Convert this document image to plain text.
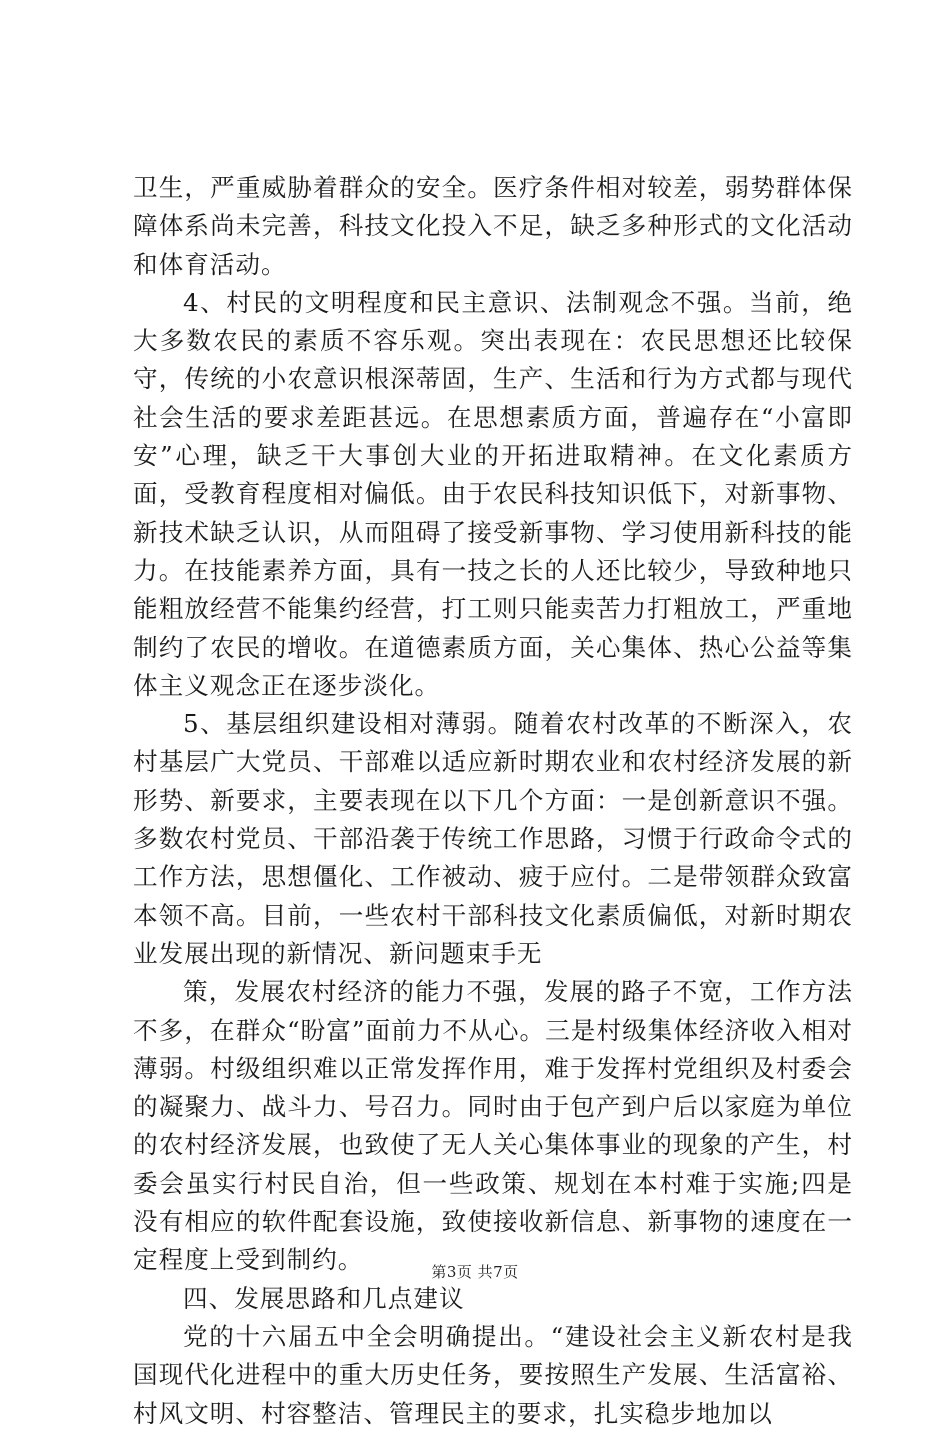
卫生，严重威胁着群众的安全。医疗条件相对较差，弱势群体保障体系尚未完善，科技文化投入不足，缺乏多种形式的文化活动和体育活动。

4、村民的文明程度和民主意识、法制观念不强。当前，绝大多数农民的素质不容乐观。突出表现在：农民思想还比较保守，传统的小农意识根深蒂固，生产、生活和行为方式都与现代社会生活的要求差距甚远。在思想素质方面，普遍存在“小富即安”心理，缺乏干大事创大业的开拓进取精神。在文化素质方面，受教育程度相对偏低。由于农民科技知识低下，对新事物、新技术缺乏认识，从而阻碍了接受新事物、学习使用新科技的能力。在技能素养方面，具有一技之长的人还比较少，导致种地只能粗放经营不能集约经营，打工则只能卖苦力打粗放工，严重地制约了农民的增收。在道德素质方面，关心集体、热心公益等集体主义观念正在逐步淡化。

5、基层组织建设相对薄弱。随着农村改革的不断深入，农村基层广大党员、干部难以适应新时期农业和农村经济发展的新形势、新要求，主要表现在以下几个方面：一是创新意识不强。多数农村党员、干部沿袭于传统工作思路，习惯于行政命令式的工作方法，思想僵化、工作被动、疲于应付。二是带领群众致富本领不高。目前，一些农村干部科技文化素质偏低，对新时期农业发展出现的新情况、新问题束手无

策，发展农村经济的能力不强，发展的路子不宽，工作方法不多，在群众“盼富”面前力不从心。三是村级集体经济收入相对薄弱。村级组织难以正常发挥作用，难于发挥村党组织及村委会的凝聚力、战斗力、号召力。同时由于包产到户后以家庭为单位的农村经济发展，也致使了无人关心集体事业的现象的产生，村委会虽实行村民自治，但一些政策、规划在本村难于实施;四是没有相应的软件配套设施，致使接收新信息、新事物的速度在一定程度上受到制约。

四、发展思路和几点建议

党的十六届五中全会明确提出。“建设社会主义新农村是我国现代化进程中的重大历史任务，要按照生产发展、生活富裕、村风文明、村容整洁、管理民主的要求，扎实稳步地加以

第3页 共7页
